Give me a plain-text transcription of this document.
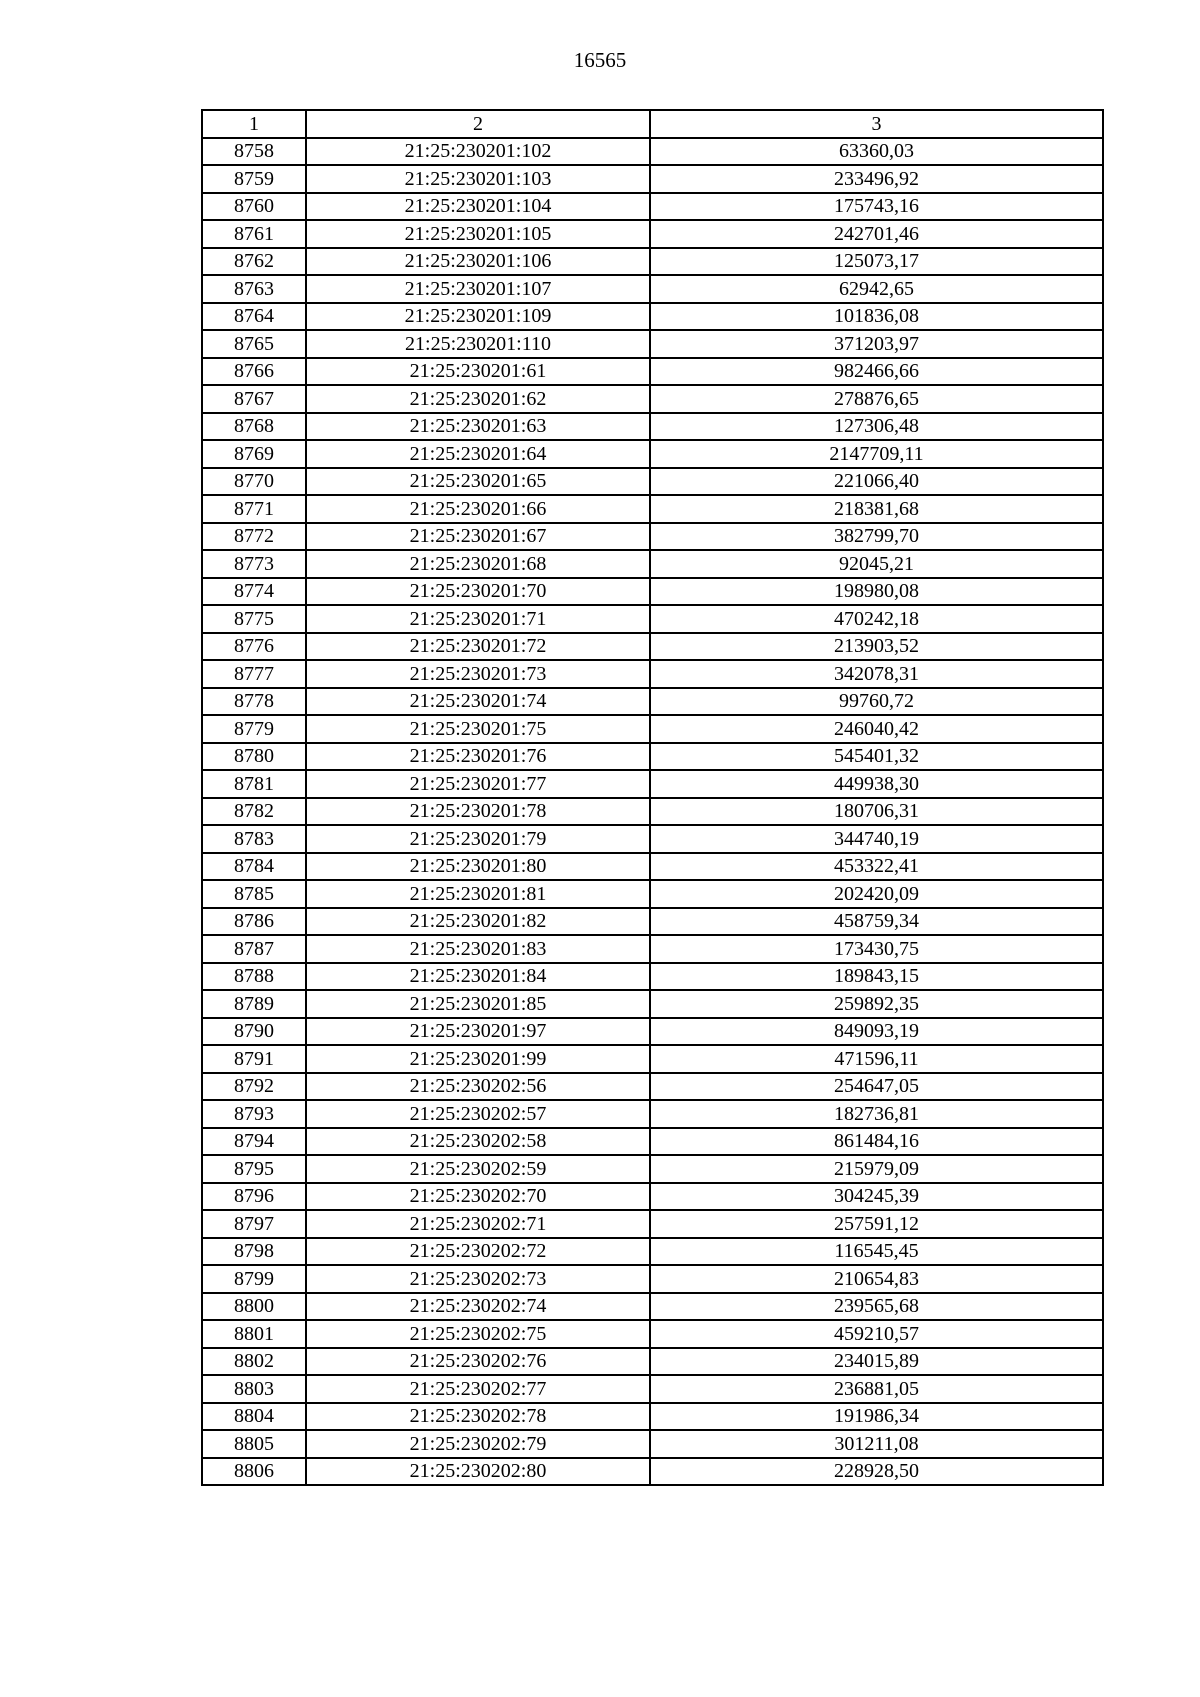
16565
1	2	3
8758	21:25:230201:102	63360,03
8759	21:25:230201:103	233496,92
8760	21:25:230201:104	175743,16
8761	21:25:230201:105	242701,46
8762	21:25:230201:106	125073,17
8763	21:25:230201:107	62942,65
8764	21:25:230201:109	101836,08
8765	21:25:230201:110	371203,97
8766	21:25:230201:61	982466,66
8767	21:25:230201:62	278876,65
8768	21:25:230201:63	127306,48
8769	21:25:230201:64	2147709,11
8770	21:25:230201:65	221066,40
8771	21:25:230201:66	218381,68
8772	21:25:230201:67	382799,70
8773	21:25:230201:68	92045,21
8774	21:25:230201:70	198980,08
8775	21:25:230201:71	470242,18
8776	21:25:230201:72	213903,52
8777	21:25:230201:73	342078,31
8778	21:25:230201:74	99760,72
8779	21:25:230201:75	246040,42
8780	21:25:230201:76	545401,32
8781	21:25:230201:77	449938,30
8782	21:25:230201:78	180706,31
8783	21:25:230201:79	344740,19
8784	21:25:230201:80	453322,41
8785	21:25:230201:81	202420,09
8786	21:25:230201:82	458759,34
8787	21:25:230201:83	173430,75
8788	21:25:230201:84	189843,15
8789	21:25:230201:85	259892,35
8790	21:25:230201:97	849093,19
8791	21:25:230201:99	471596,11
8792	21:25:230202:56	254647,05
8793	21:25:230202:57	182736,81
8794	21:25:230202:58	861484,16
8795	21:25:230202:59	215979,09
8796	21:25:230202:70	304245,39
8797	21:25:230202:71	257591,12
8798	21:25:230202:72	116545,45
8799	21:25:230202:73	210654,83
8800	21:25:230202:74	239565,68
8801	21:25:230202:75	459210,57
8802	21:25:230202:76	234015,89
8803	21:25:230202:77	236881,05
8804	21:25:230202:78	191986,34
8805	21:25:230202:79	301211,08
8806	21:25:230202:80	228928,50
